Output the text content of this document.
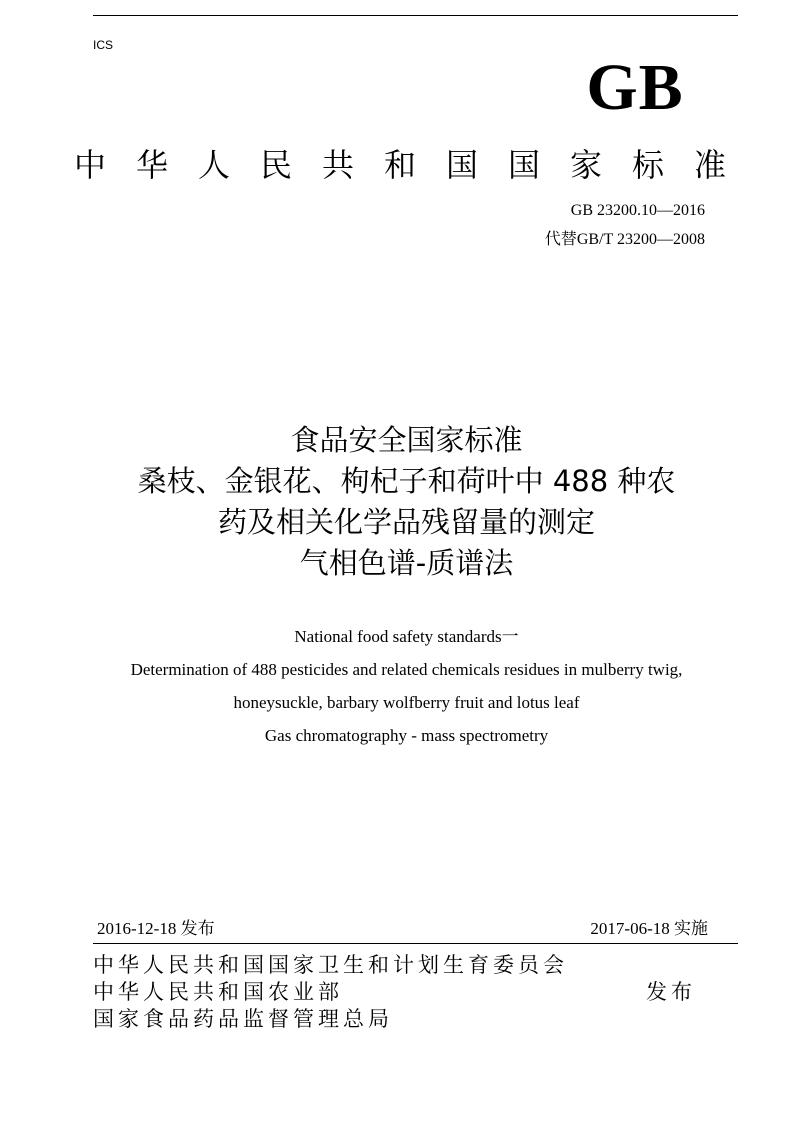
ICS
GB
中华人民共和国国家标准
GB 23200.10—2016
代替GB/T 23200—2008
食品安全国家标准
桑枝、金银花、枸杞子和荷叶中 488 种农
药及相关化学品残留量的测定
气相色谱-质谱法
National food safety standards一
Determination of 488 pesticides and related chemicals residues in mulberry twig,
honeysuckle, barbary wolfberry fruit and lotus leaf
Gas chromatography - mass spectrometry
2016-12-18 发布	2017-06-18 实施
中华人民共和国国家卫生和计划生育委员会
中华人民共和国农业部
国家食品药品监督管理总局
发布
